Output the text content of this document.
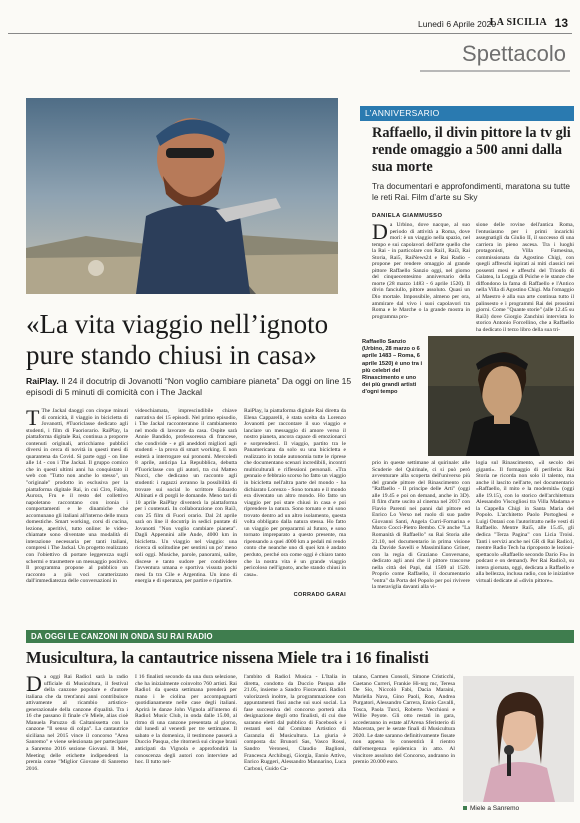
Lunedì 6 Aprile 2020
LA SICILIA 13
Spettacolo
«La vita viaggio nell’ignoto pure stando chiusi in casa»
RaiPlay. Il 24 il docutrip di Jovanotti “Non voglio cambiare pianeta” Da oggi on line 15 episodi di 5 minuti di comicità con i The Jackal
T The Jackal daoggi con cinque minuti di comicità, il viaggio in bicicletta di Jovanotti, #Tuoriclasse dedicato agli studenti, i film di Fuoriorario. RaiPlay, la piattaforma digitale Rai, continua a proporre contenuti originali, arricchiamo pubblici diversi in cerca di novità in questi mesi di quarantena da Covid. Si parte oggi - on line alle 14 - con i The Jackal. Il gruppo comico che in questi ultimi anni ha conquistato il web con "Tutto non anche lo stesso", un "originale" prodotto in esclusiva per la piattaforma digitale Rai, in cui Ciro, Fabio, Aurora, Fru e il resto del collettivo napoletano raccontano con ironia i comportamenti e le dinamiche che accomunano gli italiani all'interno delle mura domestiche. Smart working, corsi di cucina, lezione, aperitivi, tutto online: le video-chiamate sono diventate una modalità di interazione necessaria per tanti italiani, compresi i The Jackal. Un progetto realizzato con l'obiettivo di portare leggerezza sugli schermi e trasmettere un messaggio positivo. Il programma propone al pubblico un racconto a più voci caratterizzato dall'immediatezza delle conversazioni in
videochiamata, imprescindibile chiave narrativa dei 15 episodi. Nel primo episodio, i The Jackal racconteranno il cambiamento nel modo di lavorare da casa. Ospite sarà Annie Bandido, professoressa di francese, che condivide - e gli aneddoti migliori agli studenti - la prova di smart working. E non esiterà a interrogare sui pronomi. Mercoledì 8 aprile, anticipa La Repubblica, debutta #Tuoriclasse con gli autori, tra cui Matteo Nucci, che dedicano un racconto agli studenti: i ragazzi avranno la possibilità di trovare sui social lo scrittore Edoardo Albinati e di porgli le domande. Meno tari di 10 aprile RaiPlay diventerà la piattaforma per i contenuti. In collaborazione con Rai3, con 25 film di Fuori orario. Dal 24 aprile sarà on line il docutrip in sedici puntate di Jovanotti "Non voglio cambiare pianeta". Dagli Appennini alle Ande, 4000 km in bicicletta. Un viaggio nel viaggio: una ricerca di solitudine per sentirsi un po' meno soli oggi. Musiche, parole, panorami, salite, discese e tanto sudore per condividere l'avventura umana e sportiva vissuta pochi mesi fa tra Cile e Argentina. Un inno di energia e di speranza, per partire e ripartire.
RaiPlay, la piattaforma digitale Rai diretta da Elena Capparelli, è stata scelta da Lorenzo Jovanotti per raccontare il suo viaggio e lanciare un messaggio di amore verso il nostro pianeta, ancora capace di emozionarci e sorprenderci. Il viaggio, partito tra le Panamericana da solo su una bicicletta e realizzato in totale autonomia tutte le riprese che documentano scenari incredibili, incontri multiculturali e riflessioni personali. «Tra gennaio e febbraio scorso ho fatto un viaggio in bicicletta nell'altra parte del mondo - ha dichiarato Lorenzo - Sono tornato e il mondo era diventato un altro mondo. Ho fatto un viaggio per poi stare chiusi in casa e poi riprendere la natura. Sono tornato e mi sono trovato dentro ad un altro isolamento, questa volta obbligato dalla natura stessa. Ho fatto un viaggio per prepararmi al futuro, e sono tornato impreparato a questo presente, ma ripensando a quei 4000 km a pedali mi rendo conto che neanche uno di quei km è andato perduto, perché ora come oggi è chiaro tanto che la nostra vita è un grande viaggio pericoloso nell'ignoto, anche stando chiusi in casa».
CORRADO GARAI
L’ANNIVERSARIO
Raffaello, il divin pittore la tv gli rende omaggio a 500 anni dalla sua morte
Tra documentari e approfondimenti, maratona su tutte le reti Rai. Film d’arte su Sky
DANIELA GIAMMUSSO
Da Urbino, dove nacque, al suo periodo di attività a Roma, dove morì: è un viaggio nella spazio, nel tempo e sui capolavori dell'arte quello che la Rai - in particolare con Rai1, Rai3, Rai Storia, Rai5, RaiNews24 e Rai Radio - propone per rendere omaggio al grande pittore Raffaello Sanzio oggi, nel giorno del cinquecentesimo anniversario della morte (28 marzo 1483 - 6 aprile 1520). Il divin fanciullo, pittore assoluto. Quasi un Dio mortale. Impossibile, almeno per ora, ammirare dal vivo i suoi capolavori tra Roma e le Marche o la grande mostra in programma pro-
sione delle rovine dell'antica Roma, l'entusiasmo per i primi incarichi assegnatigli da Giulio II, il successo di una carriera in pieno ascesa. Tra i luoghi protagonisti, Villa Farnesina, commissionata da Agostino Chigi, con quegli affreschi ispirati ai miti classici nei possenti mesi e affeschi del Trionfo di Galatea, la Loggia di Psiche e le stanze che diffondono la fama di Raffaello e l'Antico nella Villa di Agostino Chigi. Ma l'omaggio al Maestro è alla sua arte continua tutto il palinsesto e i programmi Rai dei prossimi giorni. Come "Quante storie" (alle 12.45 su Rai3) dove Giorgio Zanchini intervista lo storico Antonio Forcellino, che a Raffaello ha dedicato il terzo libro della sua tri-
Raffaello Sanzio (Urbino, 28 marzo o 6 aprile 1483 – Roma, 6 aprile 1520) è uno tra i più celebri del Rinascimento e uno dei più grandi artisti d'ogni tempo
prio in queste settimane al quirinale: alle Scuderie del Quirinale, ci si può però avventurare alla scoperta dell'universo più del grande pittore del Rinascimento con "Raffaello - Il principe delle Arti" (oggi alle 19.45 e poi on demand, anche in 3D). Il film d'arte uscito al cinema nel 2017 con Flavio Parenti nei panni dal pittore ed Enrico Lo Verso nel ruolo di suo padre Giovanni Santi, Angela Curri-Fornarina e Marco Cocci-Pietro Bembo. C'è anche "La Romanità di Raffaello" su Rai Storia alle 21.10, nel documentario in prima visione da Davide Savelli e Massimiliano Griner, con la regia di Graziano Conversano, dedicato agli anni che il pittore trascorse nella città dei Papi, dal 1509 al 1520. Proprio come Raffaello, il documentario "entra" da Porta del Popolo per poi rivivere la meraviglia davanti alla vi-
logia sul Rinascimento, «il secolo dei giganti». Il formaggio di periferia: Rai Storia ne ricorda non solo il talento, ma anche il lascito nell'arte, nel documentario «Raffaello, il mito e la modernità» (oggi alle 19.15), con lo storico dell'architettura Alessandro Viscogliosi tra Villa Madama e la Cappella Chigi in Santa Maria del Popolo. L'architetto Paolo Portoghesi e Luigi Ontani con l'autoritratto nelle vesti di Raffaello. Mentre Rai5, alle 15.45, gli dedica "Terza Pagina" con Licia Troisi. Tanti i servizi anche nei GR di Rai Radio1, mentre Radio Tech ha riproposto le lezioni-spettacolo «Raffaello secondo Dario Fo» in podcast e on demand). Per Rai Radio3, su intera giornata, oggi, dedicata a Raffaello e alla bellezza, inclusa radio, con le iniziative virtuali dedicate al «divin pittore».
DA OGGI LE CANZONI IN ONDA SU RAI RADIO
Musicultura, la cantautrice nissena Miele tra i 16 finalisti
Da oggi Rai Radio1 sarà la radio ufficiale di Musicultura, il festival della canzone popolare e d'autore italiana che da trent'anni anni contribuisce attivamente al ricambio artistico-generazionale della canzone d'qualità. Tra i 16 che passano il finale c'è Miele, alias cioè Manuela Paruzzo di Caltanissetta con la canzone "Il senso di colpa". La cantautrice siciliana nel 2015 vince il concorso "Area Sanremo" e viene selezionata per partecipare a Sanremo 2016 sezione Giovani. Il Mei, Meeting delle etichette indipendenti la premia come "Miglior Giovane di Sanremo 2016.
I 16 finalisti secondo da una dura selezione, che ha inizialmente coinvolto 760 artisti. Rai Radio1 da questa settimana prenderà per mano i le ciolina per accompagnarti quotidianamente nelle case degli italiani. Aprirà le danze John Vignola all'interno di Radio1 Music Club, in onda dalle 15.00, al ritmo di una canzone presentata al giorno, dal lunedì al venerdì per tre settimane. Il sabato e la domenica, il testimone passerà a Duccio Pasqua, che ritornerà sui cinque brani anticipati da Vignola e approfondirà la conoscenza degli autori con interviste ad hoc. Il tutto nel-
l'ambito di Radio1 Musica - L'Italia in diretta, condotto da Duccio Pasqua alle 21.05, insieme a Sandro Fioravanti. Radio1 valorizzerà inoltre, la programmazione con appuntamenti fissi anche sui suoi social. La fase successiva del concorso porterà alla designazione degli otto finalisti, di cui due saranno eletti dal pubblico di Facebook e i restanti sei dal Comitato Artistico di Garanzia di Musicultura. La giuria è composta da: Brunori Sas, Vasco Rossi, Sandro Veronesi, Claudio Baglioni, Francesca Archibugi, Giorgia, Ennio Attivo, Enrico Ruggeri, Alessandro Mannarino, Luca Carboni, Guido Ca-
talano, Carmen Consoli, Simone Cristicchi, Gaetano Curreri, Frankie Hi-nrg mc, Teresa De Sio, Niccolò Fabi, Dacia Maraini, Mariella Nava, Gino Paoli, Ron, Andrea Purgatori, Alessandro Carrera, Ennio Cavalli, Tosca, Paola Turci, Roberto Vecchioni e Willie Peyote. Gli otto restati in gara, accederanno in estate all'Arena Sferisterio di Macerata, per le serate finali di Musicultura 2020. Le date saranno definitivamente fissate non appena lo consentirà il rientro dall'emergenza epidemica in atto. Al vincitore assoluto del Concorso, andranno in premio 20.000 euro.
Miele a Sanremo
